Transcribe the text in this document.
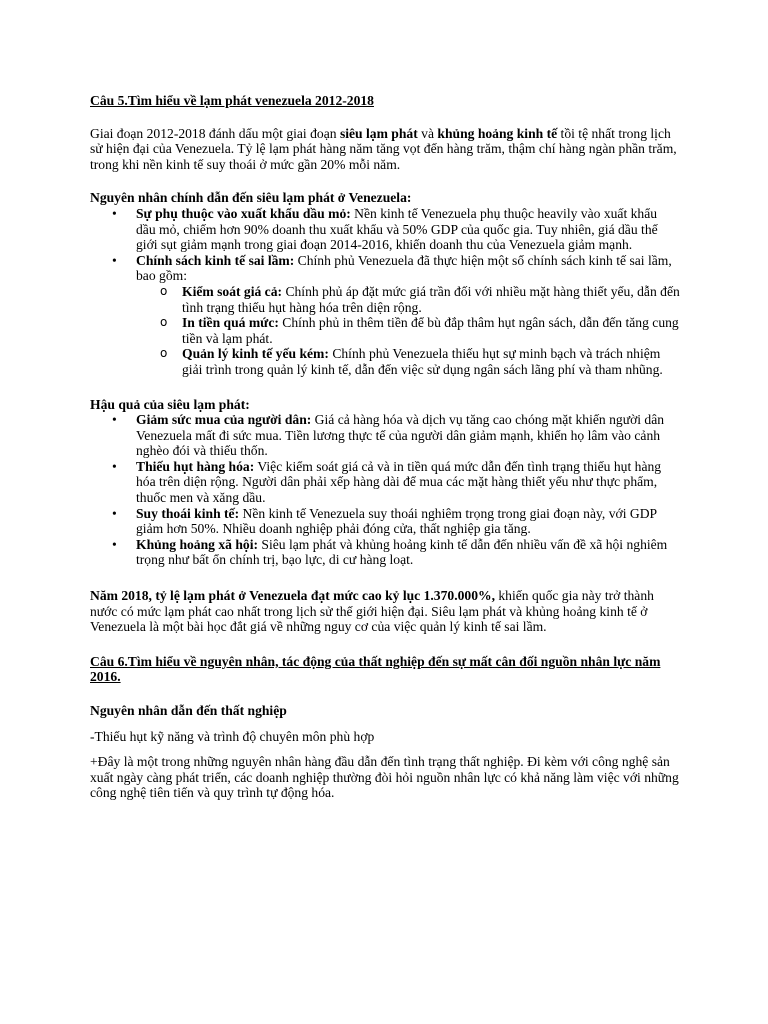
Câu 5.Tìm hiểu về lạm phát venezuela 2012-2018

Giai đoạn 2012-2018 đánh dấu một giai đoạn siêu lạm phát và khủng hoảng kinh tế tồi tệ nhất trong lịch sử hiện đại của Venezuela. Tỷ lệ lạm phát hàng năm tăng vọt đến hàng trăm, thậm chí hàng ngàn phần trăm, trong khi nền kinh tế suy thoái ở mức gần 20% mỗi năm.

Nguyên nhân chính dẫn đến siêu lạm phát ở Venezuela:

• Sự phụ thuộc vào xuất khẩu dầu mỏ: Nền kinh tế Venezuela phụ thuộc heavily vào xuất khẩu dầu mỏ, chiếm hơn 90% doanh thu xuất khẩu và 50% GDP của quốc gia. Tuy nhiên, giá dầu thế giới sụt giảm mạnh trong giai đoạn 2014-2016, khiến doanh thu của Venezuela giảm mạnh.
• Chính sách kinh tế sai lầm: Chính phủ Venezuela đã thực hiện một số chính sách kinh tế sai lầm, bao gồm:
o Kiểm soát giá cả: Chính phủ áp đặt mức giá trần đối với nhiều mặt hàng thiết yếu, dẫn đến tình trạng thiếu hụt hàng hóa trên diện rộng.
o In tiền quá mức: Chính phủ in thêm tiền để bù đắp thâm hụt ngân sách, dẫn đến tăng cung tiền và lạm phát.
o Quản lý kinh tế yếu kém: Chính phủ Venezuela thiếu hụt sự minh bạch và trách nhiệm giải trình trong quản lý kinh tế, dẫn đến việc sử dụng ngân sách lãng phí và tham nhũng.

Hậu quả của siêu lạm phát:

• Giảm sức mua của người dân: Giá cả hàng hóa và dịch vụ tăng cao chóng mặt khiến người dân Venezuela mất đi sức mua. Tiền lương thực tế của người dân giảm mạnh, khiến họ lâm vào cảnh nghèo đói và thiếu thốn.
• Thiếu hụt hàng hóa: Việc kiểm soát giá cả và in tiền quá mức dẫn đến tình trạng thiếu hụt hàng hóa trên diện rộng. Người dân phải xếp hàng dài để mua các mặt hàng thiết yếu như thực phẩm, thuốc men và xăng dầu.
• Suy thoái kinh tế: Nền kinh tế Venezuela suy thoái nghiêm trọng trong giai đoạn này, với GDP giảm hơn 50%. Nhiều doanh nghiệp phải đóng cửa, thất nghiệp gia tăng.
• Khủng hoảng xã hội: Siêu lạm phát và khủng hoảng kinh tế dẫn đến nhiều vấn đề xã hội nghiêm trọng như bất ổn chính trị, bạo lực, di cư hàng loạt.

Năm 2018, tỷ lệ lạm phát ở Venezuela đạt mức cao kỷ lục 1.370.000%, khiến quốc gia này trở thành nước có mức lạm phát cao nhất trong lịch sử thế giới hiện đại. Siêu lạm phát và khủng hoảng kinh tế ở Venezuela là một bài học đắt giá về những nguy cơ của việc quản lý kinh tế sai lầm.

Câu 6.Tìm hiểu về nguyên nhân, tác động của thất nghiệp đến sự mất cân đối nguồn nhân lực năm 2016.

Nguyên nhân dẫn đến thất nghiệp

-Thiếu hụt kỹ năng và trình độ chuyên môn phù hợp

+Đây là một trong những nguyên nhân hàng đầu dẫn đến tình trạng thất nghiệp. Đi kèm với công nghệ sản xuất ngày càng phát triển, các doanh nghiệp thường đòi hỏi nguồn nhân lực có khả năng làm việc với những công nghệ tiên tiến và quy trình tự động hóa.
